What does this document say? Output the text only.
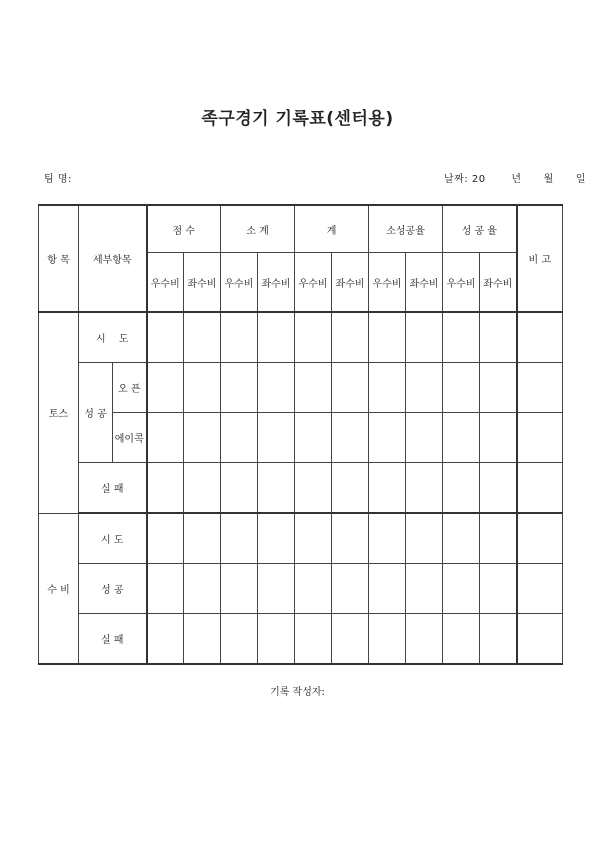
족구경기 기록표(센터용)
팀 명:	날짜: 20	년 월 일
항 목	세부항목		점 수		소 계		계		소성공율		성 공 율		비 고
			우수비	좌수비	우수비	좌수비	우수비	좌수비	우수비	좌수비	우수비	좌수비	
토스	시 도												
	성 공	오 픈											
		에이콕											
	실 패												
수 비	시 도												
	성 공												
	실 패												
기록 작성자:
